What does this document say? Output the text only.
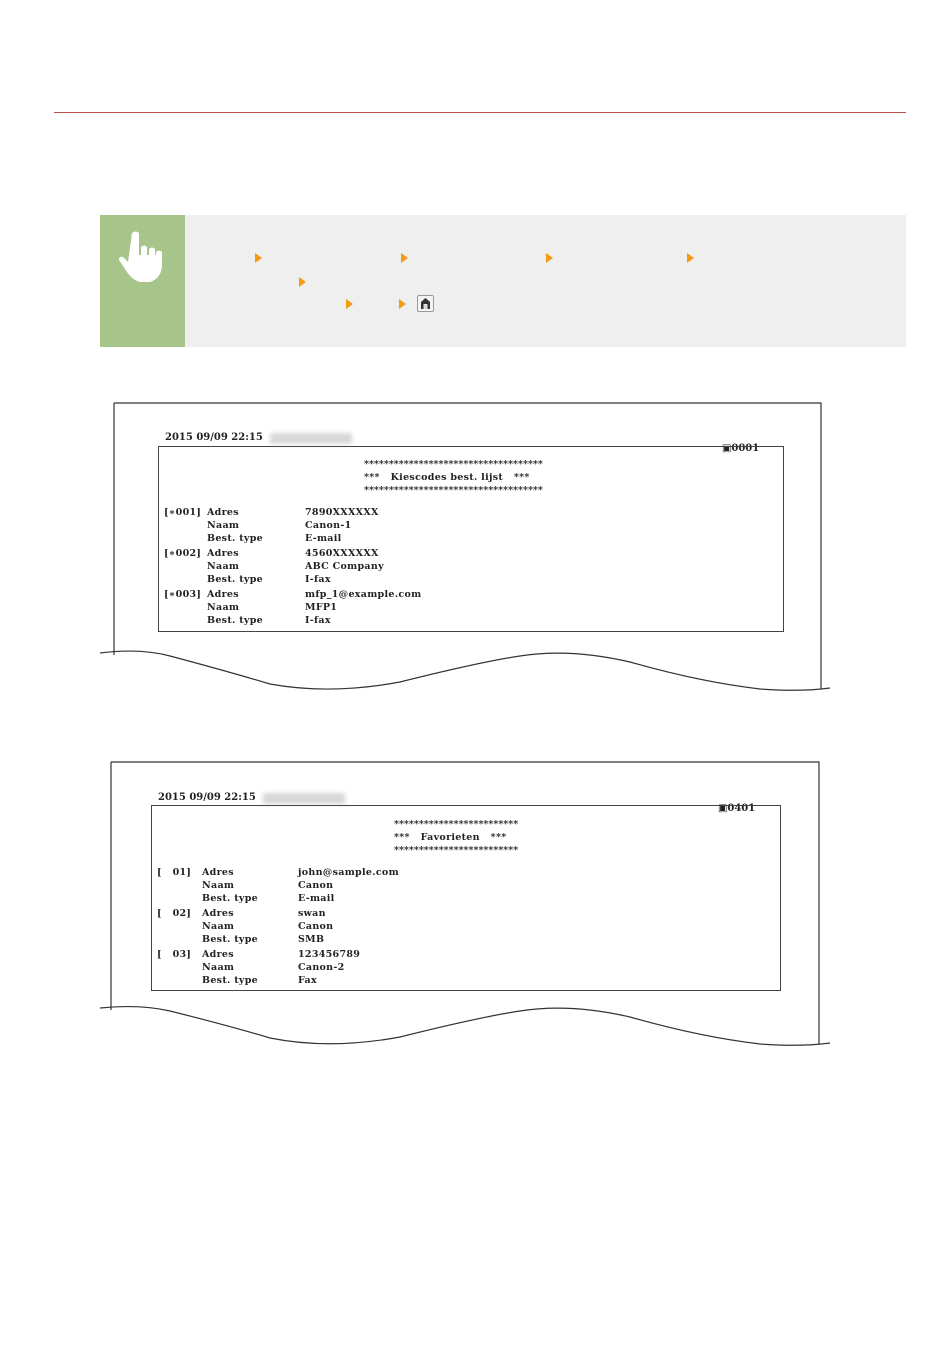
2015 09/09 22:15

▣0001

************************************
***   Kiescodes best. lijst   ***
************************************
[∗001] Adres	7890XXXXXX
Naam	Canon-1
Best. type	E-mail
[∗002] Adres	4560XXXXXX
Naam	ABC Company
Best. type	I-fax
[∗003] Adres	mfp_1@example.com
Naam	MFP1
Best. type	I-fax
2015 09/09 22:15

▣0401

*************************
***   Favorieten   ***
*************************
[   01] Adres	john@sample.com
Naam	Canon
Best. type	E-mail
[   02] Adres	swan
Naam	Canon
Best. type	SMB
[   03] Adres	123456789
Naam	Canon-2
Best. type	Fax
